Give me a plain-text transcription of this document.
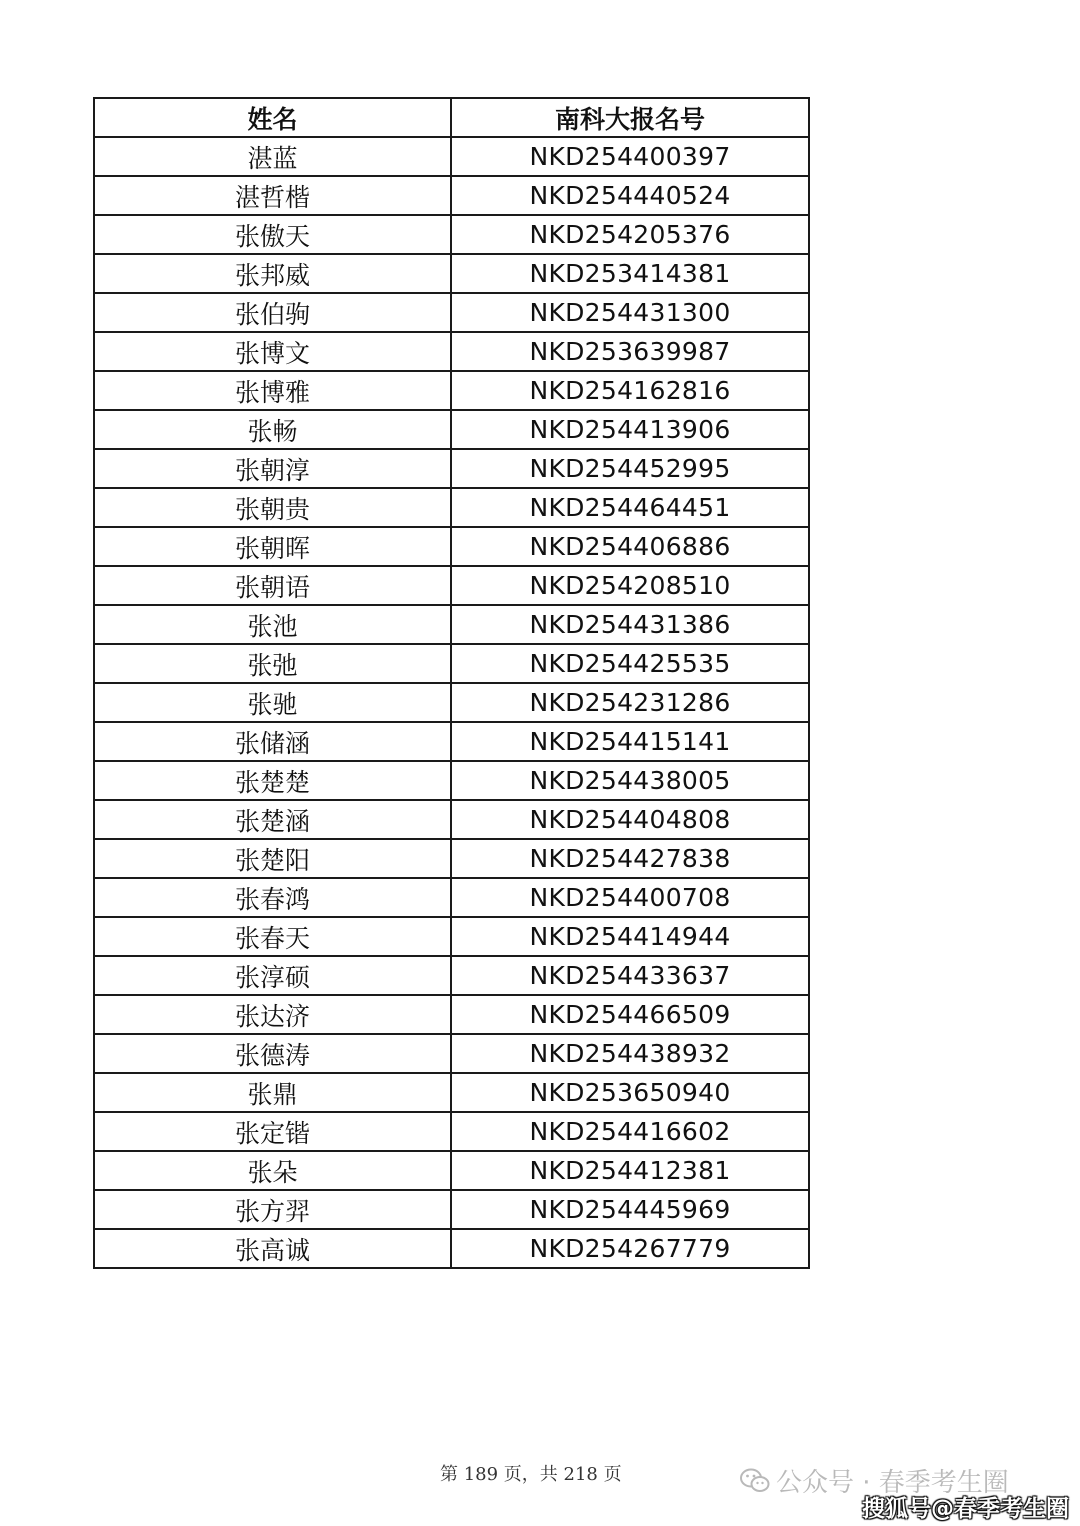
姓名	南科大报名号
湛蓝	NKD254400397
湛哲楷	NKD254440524
张傲天	NKD254205376
张邦威	NKD253414381
张伯驹	NKD254431300
张博文	NKD253639987
张博雅	NKD254162816
张畅	NKD254413906
张朝淳	NKD254452995
张朝贵	NKD254464451
张朝晖	NKD254406886
张朝语	NKD254208510
张池	NKD254431386
张弛	NKD254425535
张驰	NKD254231286
张储涵	NKD254415141
张楚楚	NKD254438005
张楚涵	NKD254404808
张楚阳	NKD254427838
张春鸿	NKD254400708
张春天	NKD254414944
张淳硕	NKD254433637
张达济	NKD254466509
张德涛	NKD254438932
张鼎	NKD253650940
张定锴	NKD254416602
张朵	NKD254412381
张方羿	NKD254445969
张高诚	NKD254267779
第 189 页，共 218 页	公众号 · 春季考生圈
搜狐号@春季考生圈
